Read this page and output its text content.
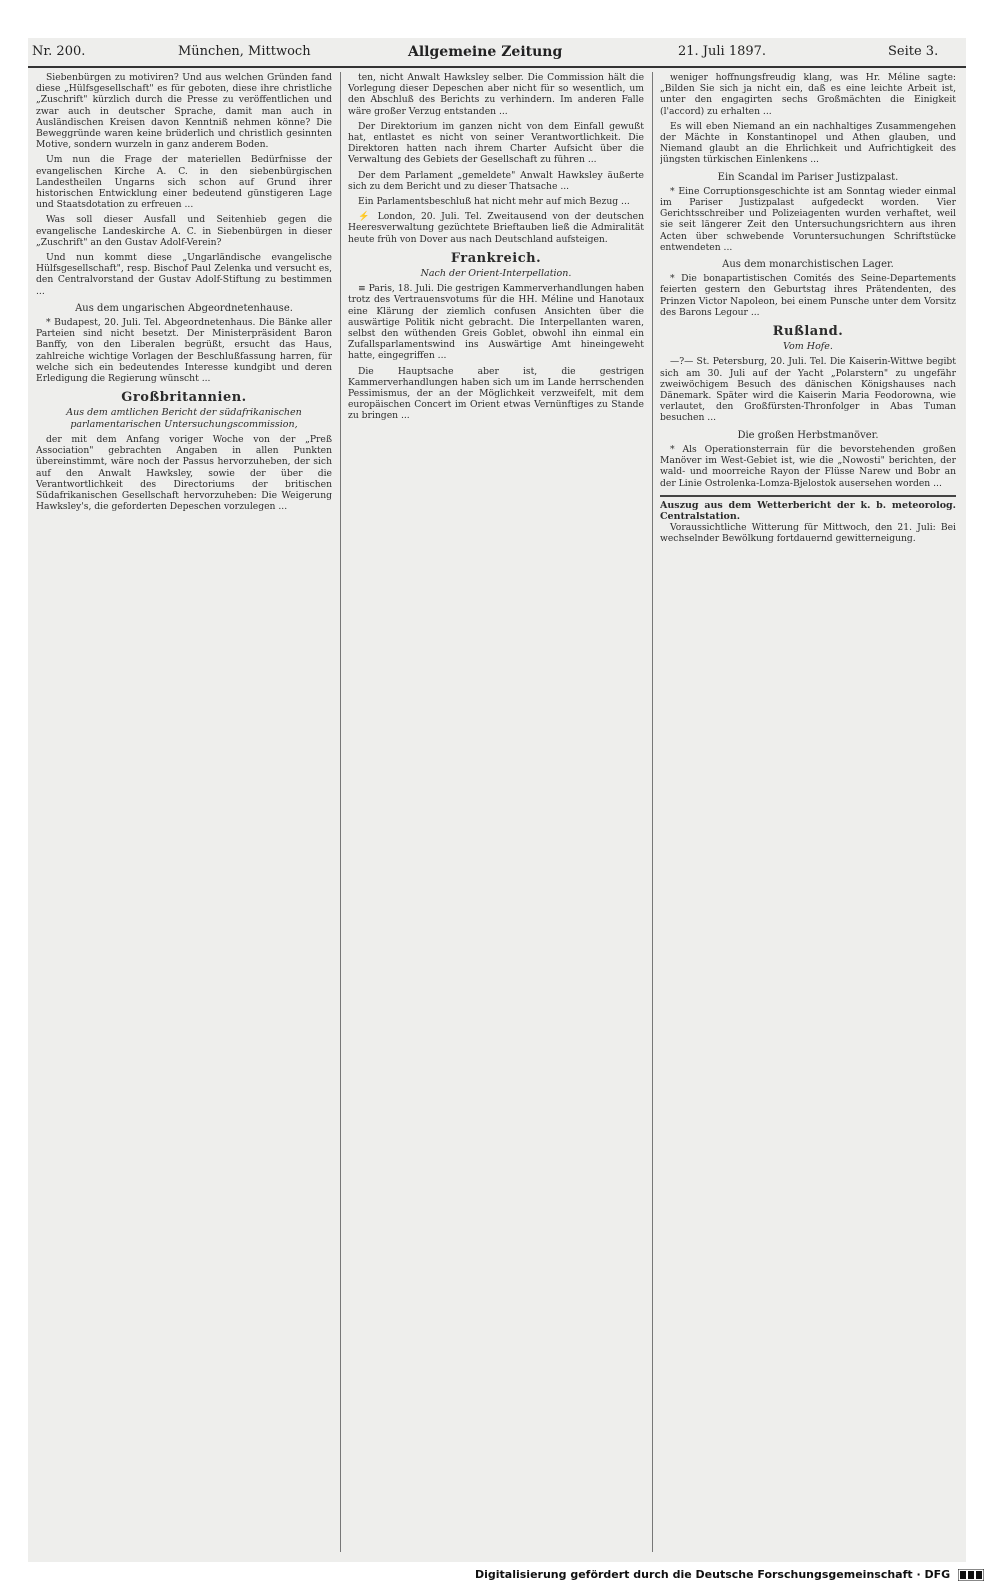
Nr. 200.	München, Mittwoch	Allgemeine Zeitung	21. Juli 1897.	Seite 3.

Siebenbürgen zu motiviren? Und aus welchen Gründen fand diese „Hülfsgesellschaft" es für geboten, diese ihre christliche „Zuschrift" kürzlich durch die Presse zu veröffentlichen und zwar auch in deutscher Sprache, damit man auch in Ausländischen Kreisen davon Kenntniß nehmen könne? Die Beweggründe waren keine brüderlich und christlich gesinnten Motive, sondern wurzeln in ganz anderem Boden.

Um nun die Frage der materiellen Bedürfnisse der evangelischen Kirche A. C. in den siebenbürgischen Landestheilen Ungarns sich schon auf Grund ihrer historischen Entwicklung einer bedeutend günstigeren Lage und Staatsdotation zu erfreuen ...

Was soll dieser Ausfall und Seitenhieb gegen die evangelische Landeskirche A. C. in Siebenbürgen in dieser „Zuschrift" an den Gustav Adolf-Verein?

Und nun kommt diese „Ungarländische evangelische Hülfsgesellschaft", resp. Bischof Paul Zelenka und versucht es, den Centralvorstand der Gustav Adolf-Stiftung zu bestimmen ...

Aus dem ungarischen Abgeordnetenhause.

* Budapest, 20. Juli. Tel. Abgeordnetenhaus. Die Bänke aller Parteien sind nicht besetzt. Der Ministerpräsident Baron Banffy, von den Liberalen begrüßt, ersucht das Haus, zahlreiche wichtige Vorlagen der Beschlußfassung harren, für welche sich ein bedeutendes Interesse kundgibt und deren Erledigung die Regierung wünscht ...

Großbritannien.
Aus dem amtlichen Bericht der südafrikanischen parlamentarischen Untersuchungscommission,

der mit dem Anfang voriger Woche von der „Preß Association" gebrachten Angaben in allen Punkten übereinstimmt, wäre noch der Passus hervorzuheben, der sich auf den Anwalt Hawksley, sowie der über die Verantwortlichkeit des Directoriums der britischen Südafrikanischen Gesellschaft hervorzuheben: Die Weigerung Hawksley's, die geforderten Depeschen vorzulegen ...

ten, nicht Anwalt Hawksley selber. Die Commission hält die Vorlegung dieser Depeschen aber nicht für so wesentlich, um den Abschluß des Berichts zu verhindern. Im anderen Falle wäre großer Verzug entstanden ...

Der Direktorium im ganzen nicht von dem Einfall gewußt hat, entlastet es nicht von seiner Verantwortlichkeit. Die Direktoren hatten nach ihrem Charter Aufsicht über die Verwaltung des Gebiets der Gesellschaft zu führen ...

Der dem Parlament „gemeldete" Anwalt Hawksley äußerte sich zu dem Bericht und zu dieser Thatsache ...

Ein Parlamentsbeschluß hat nicht mehr auf mich Bezug ...

⚡ London, 20. Juli. Tel. Zweitausend von der deutschen Heeresverwaltung gezüchtete Brieftauben ließ die Admiralität heute früh von Dover aus nach Deutschland aufsteigen.

Frankreich.
Nach der Orient-Interpellation.

≡ Paris, 18. Juli. Die gestrigen Kammerverhandlungen haben trotz des Vertrauensvotums für die HH. Méline und Hanotaux eine Klärung der ziemlich confusen Ansichten über die auswärtige Politik nicht gebracht. Die Interpellanten waren, selbst den wüthenden Greis Goblet, obwohl ihn einmal ein Zufallsparlamentswind ins Auswärtige Amt hineingeweht hatte, eingegriffen ...

Die Hauptsache aber ist, die gestrigen Kammerverhandlungen haben sich um im Lande herrschenden Pessimismus, der an der Möglichkeit verzweifelt, mit dem europäischen Concert im Orient etwas Vernünftiges zu Stande zu bringen ...

weniger hoffnungsfreudig klang, was Hr. Méline sagte: „Bilden Sie sich ja nicht ein, daß es eine leichte Arbeit ist, unter den engagirten sechs Großmächten die Einigkeit (l'accord) zu erhalten ...

Es will eben Niemand an ein nachhaltiges Zusammengehen der Mächte in Konstantinopel und Athen glauben, und Niemand glaubt an die Ehrlichkeit und Aufrichtigkeit des jüngsten türkischen Einlenkens ...

Ein Scandal im Pariser Justizpalast.

* Eine Corruptionsgeschichte ist am Sonntag wieder einmal im Pariser Justizpalast aufgedeckt worden. Vier Gerichtsschreiber und Polizeiagenten wurden verhaftet, weil sie seit längerer Zeit den Untersuchungsrichtern aus ihren Acten über schwebende Voruntersuchungen Schriftstücke entwendeten ...

Aus dem monarchistischen Lager.

* Die bonapartistischen Comités des Seine-Departements feierten gestern den Geburtstag ihres Prätendenten, des Prinzen Victor Napoleon, bei einem Punsche unter dem Vorsitz des Barons Legour ...

Rußland.
Vom Hofe.

—?— St. Petersburg, 20. Juli. Tel. Die Kaiserin-Wittwe begibt sich am 30. Juli auf der Yacht „Polarstern" zu ungefähr zweiwöchigem Besuch des dänischen Königshauses nach Dänemark. Später wird die Kaiserin Maria Feodorowna, wie verlautet, den Großfürsten-Thronfolger in Abas Tuman besuchen ...

Die großen Herbstmanöver.

* Als Operationsterrain für die bevorstehenden großen Manöver im West-Gebiet ist, wie die „Nowosti" berichten, der wald- und moorreiche Rayon der Flüsse Narew und Bobr an der Linie Ostrolenka-Lomza-Bjelostok ausersehen worden ...

Auszug aus dem Wetterbericht der k. b. meteorolog. Centralstation.

Voraussichtliche Witterung für Mittwoch, den 21. Juli: Bei wechselnder Bewölkung fortdauernd gewitterneigung.

Digitalisierung gefördert durch die Deutsche Forschungsgemeinschaft · DFG
